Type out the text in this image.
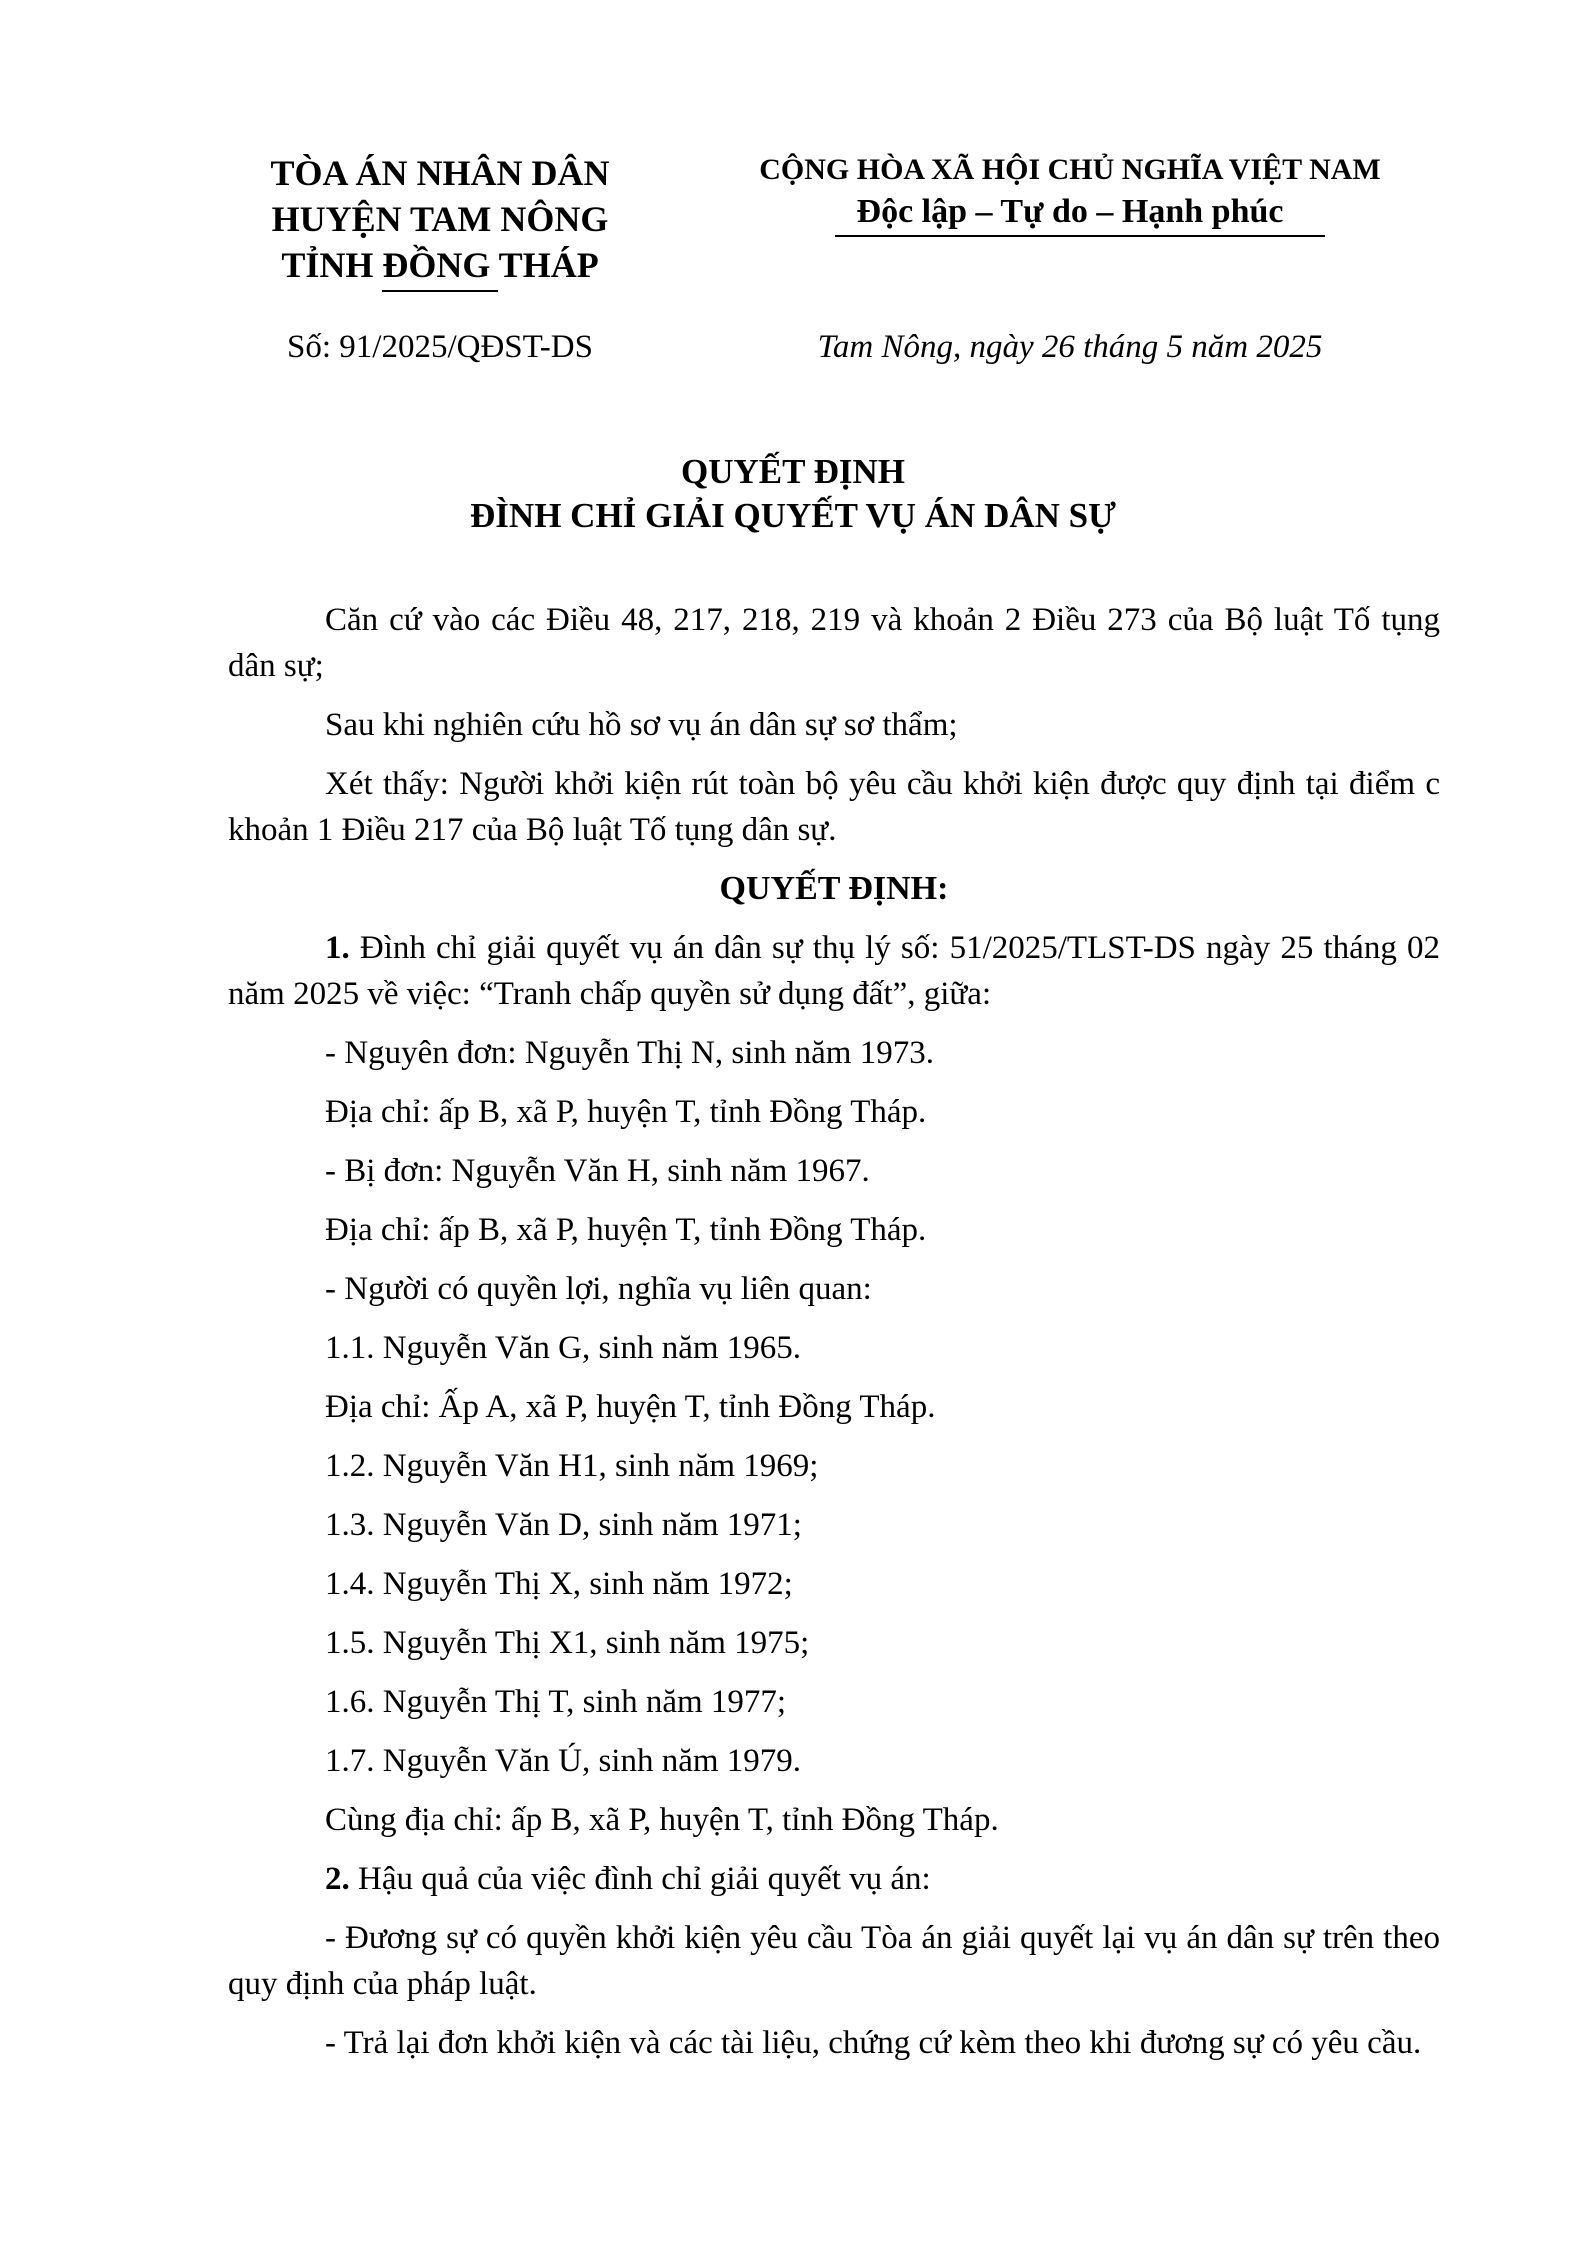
TÒA ÁN NHÂN DÂN
HUYỆN TAM NÔNG
TỈNH ĐỒNG THÁP
CỘNG HÒA XÃ HỘI CHỦ NGHĨA VIỆT NAM
Độc lập – Tự do – Hạnh phúc
Số: 91/2025/QĐST-DS	Tam Nông, ngày 26 tháng 5 năm 2025
QUYẾT ĐỊNH
ĐÌNH CHỈ GIẢI QUYẾT VỤ ÁN DÂN SỰ

Căn cứ vào các Điều 48, 217, 218, 219 và khoản 2 Điều 273 của Bộ luật Tố tụng dân sự;

Sau khi nghiên cứu hồ sơ vụ án dân sự sơ thẩm;

Xét thấy: Người khởi kiện rút toàn bộ yêu cầu khởi kiện được quy định tại điểm c khoản 1 Điều 217 của Bộ luật Tố tụng dân sự.

QUYẾT ĐỊNH:

1. Đình chỉ giải quyết vụ án dân sự thụ lý số: 51/2025/TLST-DS ngày 25 tháng 02 năm 2025 về việc: “Tranh chấp quyền sử dụng đất”, giữa:

- Nguyên đơn: Nguyễn Thị N, sinh năm 1973.

Địa chỉ: ấp B, xã P, huyện T, tỉnh Đồng Tháp.

- Bị đơn: Nguyễn Văn H, sinh năm 1967.

Địa chỉ: ấp B, xã P, huyện T, tỉnh Đồng Tháp.

- Người có quyền lợi, nghĩa vụ liên quan:

1.1. Nguyễn Văn G, sinh năm 1965.

Địa chỉ: Ấp A, xã P, huyện T, tỉnh Đồng Tháp.

1.2. Nguyễn Văn H1, sinh năm 1969;

1.3. Nguyễn Văn D, sinh năm 1971;

1.4. Nguyễn Thị X, sinh năm 1972;

1.5. Nguyễn Thị X1, sinh năm 1975;

1.6. Nguyễn Thị T, sinh năm 1977;

1.7. Nguyễn Văn Ú, sinh năm 1979.

Cùng địa chỉ: ấp B, xã P, huyện T, tỉnh Đồng Tháp.

2. Hậu quả của việc đình chỉ giải quyết vụ án:

- Đương sự có quyền khởi kiện yêu cầu Tòa án giải quyết lại vụ án dân sự trên theo quy định của pháp luật.

- Trả lại đơn khởi kiện và các tài liệu, chứng cứ kèm theo khi đương sự có yêu cầu.
